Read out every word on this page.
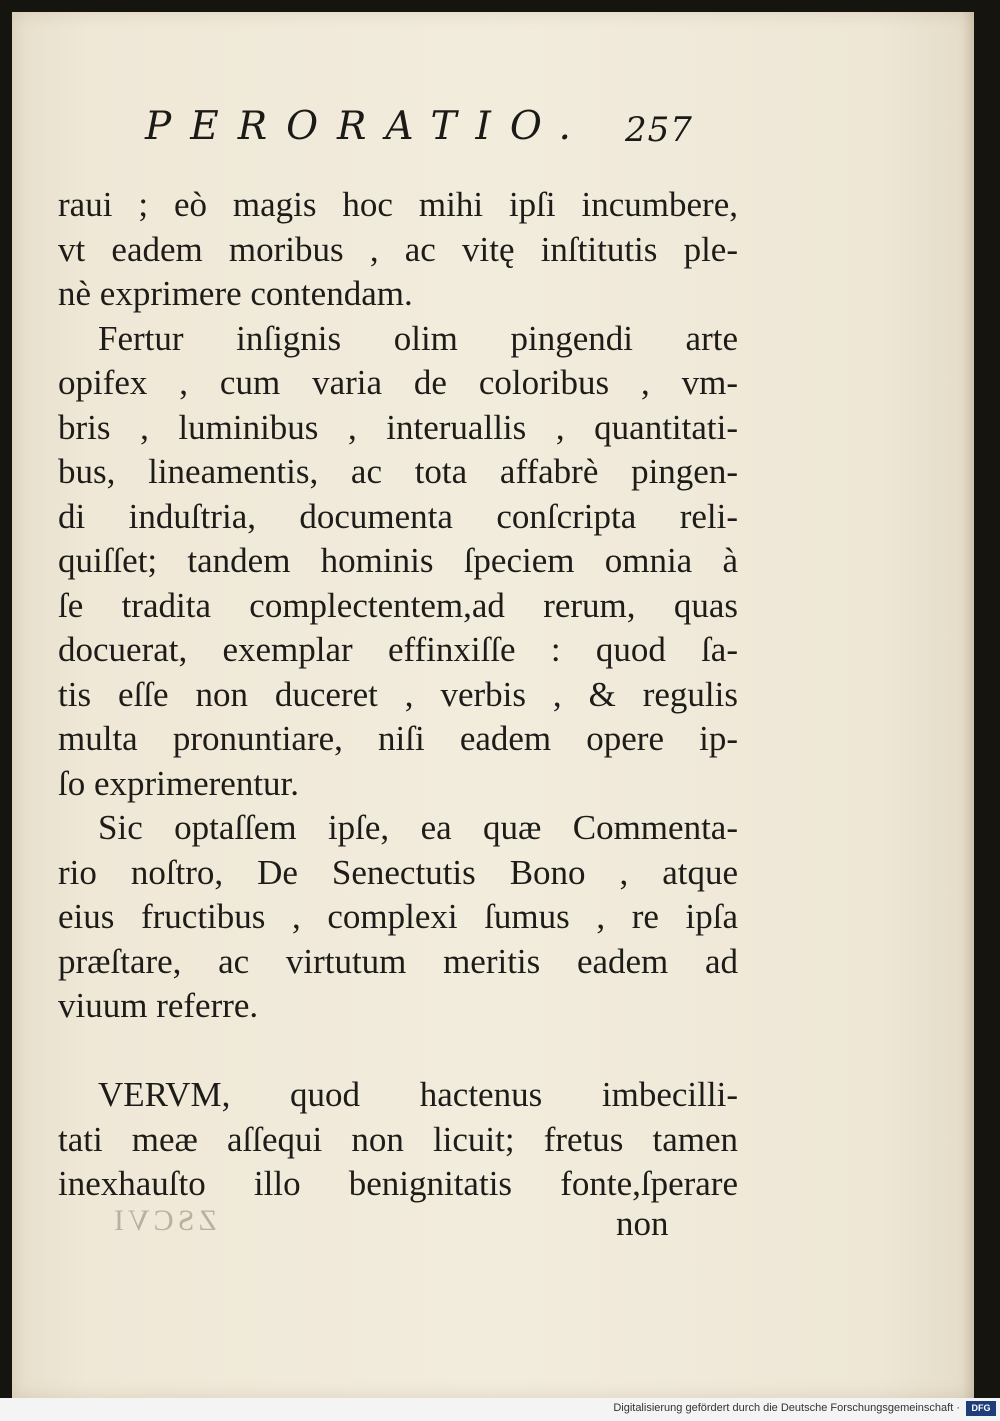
PERORATIO.	257
raui ; eò magis hoc mihi ipſi incumbere,
vt eadem moribus , ac vitę inſtitutis ple-
nè exprimere contendam.
Fertur inſignis olim pingendi arte
opifex , cum varia de coloribus , vm-
bris , luminibus , interuallis , quantitati-
bus, lineamentis, ac tota affabrè pingen-
di induſtria, documenta conſcripta reli-
quiſſet; tandem hominis ſpeciem omnia à
ſe tradita complectentem,ad rerum, quas
docuerat, exemplar effinxiſſe : quod ſa-
tis eſſe non duceret , verbis , & regulis
multa pronuntiare, niſi eadem opere ip-
ſo exprimerentur.
Sic optaſſem ipſe, ea quæ Commenta-
rio noſtro, De Senectutis Bono , atque
eius fructibus , complexi ſumus , re ipſa
præſtare, ac virtutum meritis eadem ad
viuum referre.
VERVM, quod hactenus imbecilli-
tati meæ aſſequi non licuit; fretus tamen
inexhauſto illo benignitatis fonte,ſperare
ZSCVI	non
Digitalisierung gefördert durch die Deutsche Forschungsgemeinschaft ·	DFG
